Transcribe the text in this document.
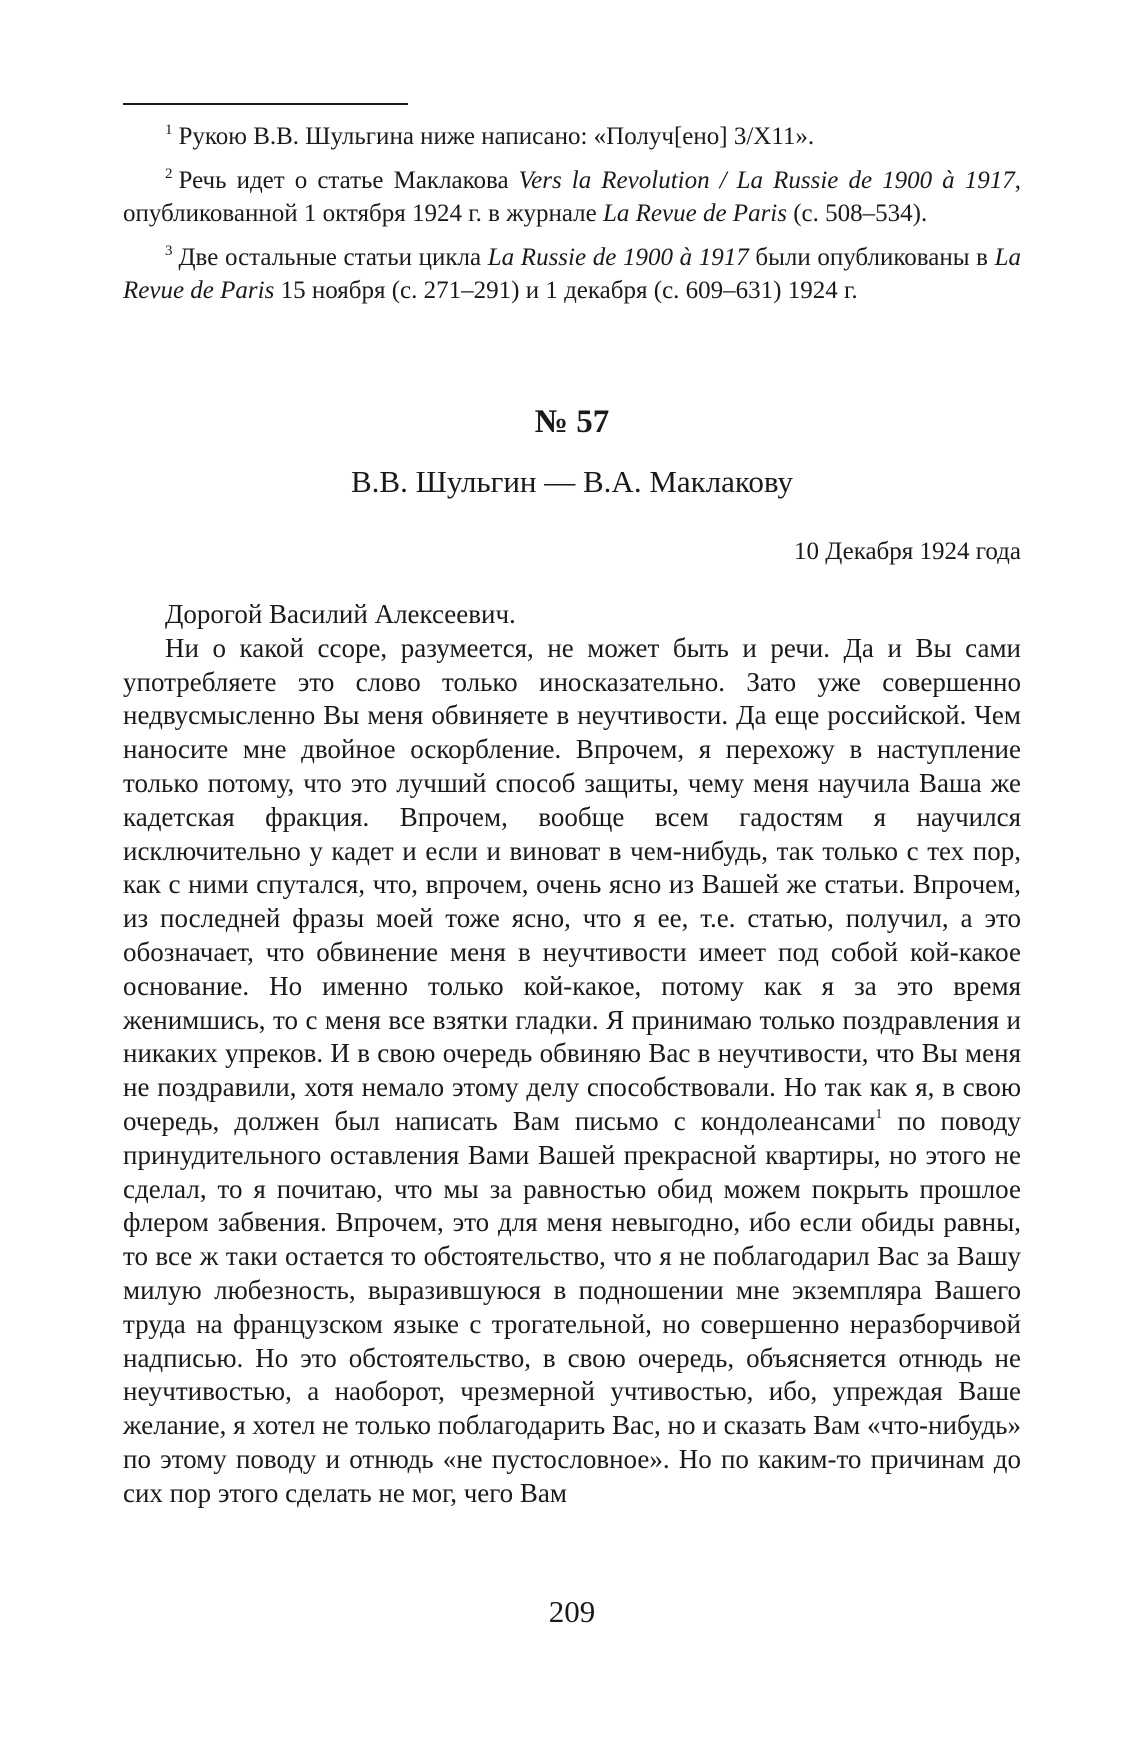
$^1$ Рукою В.В. Шульгина ниже написано: «Получ[ено] 3/Х11».

$^2$ Речь идет о статье Маклакова Vers la Revolution / La Russie de 1900 à 1917, опубликованной 1 октября 1924 г. в журнале La Revue de Paris (с. 508–534).

$^3$ Две остальные статьи цикла La Russie de 1900 à 1917 были опубликованы в La Revue de Paris 15 ноября (с. 271–291) и 1 декабря (с. 609–631) 1924 г.

№ 57
В.В. Шульгин — В.А. Маклакову
10 Декабря 1924 года

Дорогой Василий Алексеевич.

Ни о какой ссоре, разумеется, не может быть и речи. Да и Вы сами употребляете это слово только иносказательно. Зато уже совершенно недвусмысленно Вы меня обвиняете в неучтивости. Да еще российской. Чем наносите мне двойное оскорбление. Впрочем, я перехожу в наступление только потому, что это лучший способ защиты, чему меня научила Ваша же кадетская фракция. Впрочем, вообще всем гадостям я научился исключительно у кадет и если и виноват в чем-нибудь, так только с тех пор, как с ними спутался, что, впрочем, очень ясно из Вашей же статьи. Впрочем, из последней фразы моей тоже ясно, что я ее, т.е. статью, получил, а это обозначает, что обвинение меня в неучтивости имеет под собой кой-какое основание. Но именно только кой-какое, потому как я за это время женимшись, то с меня все взятки гладки. Я принимаю только поздравления и никаких упреков. И в свою очередь обвиняю Вас в неучтивости, что Вы меня не поздравили, хотя немало этому делу способствовали. Но так как я, в свою очередь, должен был написать Вам письмо с кондолеансами$^1$ по поводу принудительного оставления Вами Вашей прекрасной квартиры, но этого не сделал, то я почитаю, что мы за равностью обид можем покрыть прошлое флером забвения. Впрочем, это для меня невыгодно, ибо если обиды равны, то все ж таки остается то обстоятельство, что я не поблагодарил Вас за Вашу милую любезность, выразившуюся в подношении мне экземпляра Вашего труда на французском языке с трогательной, но совершенно неразборчивой надписью. Но это обстоятельство, в свою очередь, объясняется отнюдь не неучтивостью, а наоборот, чрезмерной учтивостью, ибо, упреждая Ваше желание, я хотел не только поблагодарить Вас, но и сказать Вам «что-нибудь» по этому поводу и отнюдь «не пустословное». Но по каким-то причинам до сих пор этого сделать не мог, чего Вам

209
